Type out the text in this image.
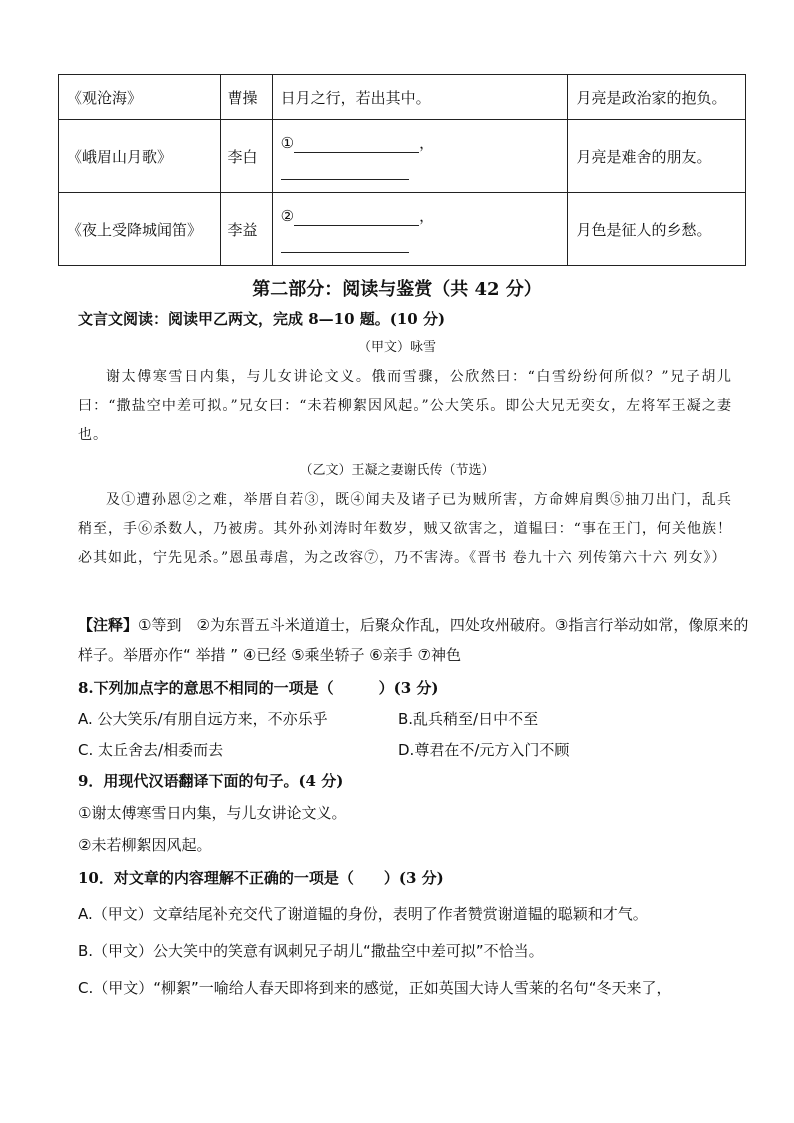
《观沧海》	曹操	日月之行，若出其中。	月亮是政治家的抱负。
《峨眉山月歌》	李白	① ，	月亮是难舍的朋友。
《夜上受降城闻笛》	李益	② ，	月色是征人的乡愁。
第二部分：阅读与鉴赏（共 42 分）
文言文阅读：阅读甲乙两文，完成 8—10 题。(10 分)
（甲文）咏雪
谢太傅寒雪日内集，与儿女讲论文义。俄而雪骤，公欣然曰：“白雪纷纷何所似？”兄子胡儿曰：“撒盐空中差可拟。”兄女曰：“未若柳絮因风起。”公大笑乐。即公大兄无奕女，左将军王凝之妻也。
（乙文）王凝之妻谢氏传（节选）
及①遭孙恩②之难，举厝自若③，既④闻夫及诸子已为贼所害，方命婢肩舆⑤抽刀出门，乱兵稍至，手⑥杀数人，乃被虏。其外孙刘涛时年数岁，贼又欲害之，道韫曰：“事在王门，何关他族！必其如此，宁先见杀。”恩虽毒虐，为之改容⑦，乃不害涛。《晋书 卷九十六 列传第六十六 列女》）
【注释】①等到　②为东晋五斗米道道士，后聚众作乱，四处攻州破府。③指言行举动如常，像原来的样子。举厝亦作“ 举措 ” ④已经 ⑤乘坐轿子 ⑥亲手 ⑦神色
8.下列加点字的意思不相同的一项是（　　　）(3 分)
A. 公大笑乐/有朋自远方来，不亦乐乎	B.乱兵稍至/日中不至
C. 太丘舍去/相委而去	D.尊君在不/元方入门不顾
9．用现代汉语翻译下面的句子。(4 分)
①谢太傅寒雪日内集，与儿女讲论文义。
②未若柳絮因风起。
10．对文章的内容理解不正确的一项是（　　）(3 分)
A.（甲文）文章结尾补充交代了谢道韫的身份，表明了作者赞赏谢道韫的聪颖和才气。
B.（甲文）公大笑中的笑意有讽刺兄子胡儿“撒盐空中差可拟”不恰当。
C.（甲文）“柳絮”一喻给人春天即将到来的感觉，正如英国大诗人雪莱的名句“冬天来了，
